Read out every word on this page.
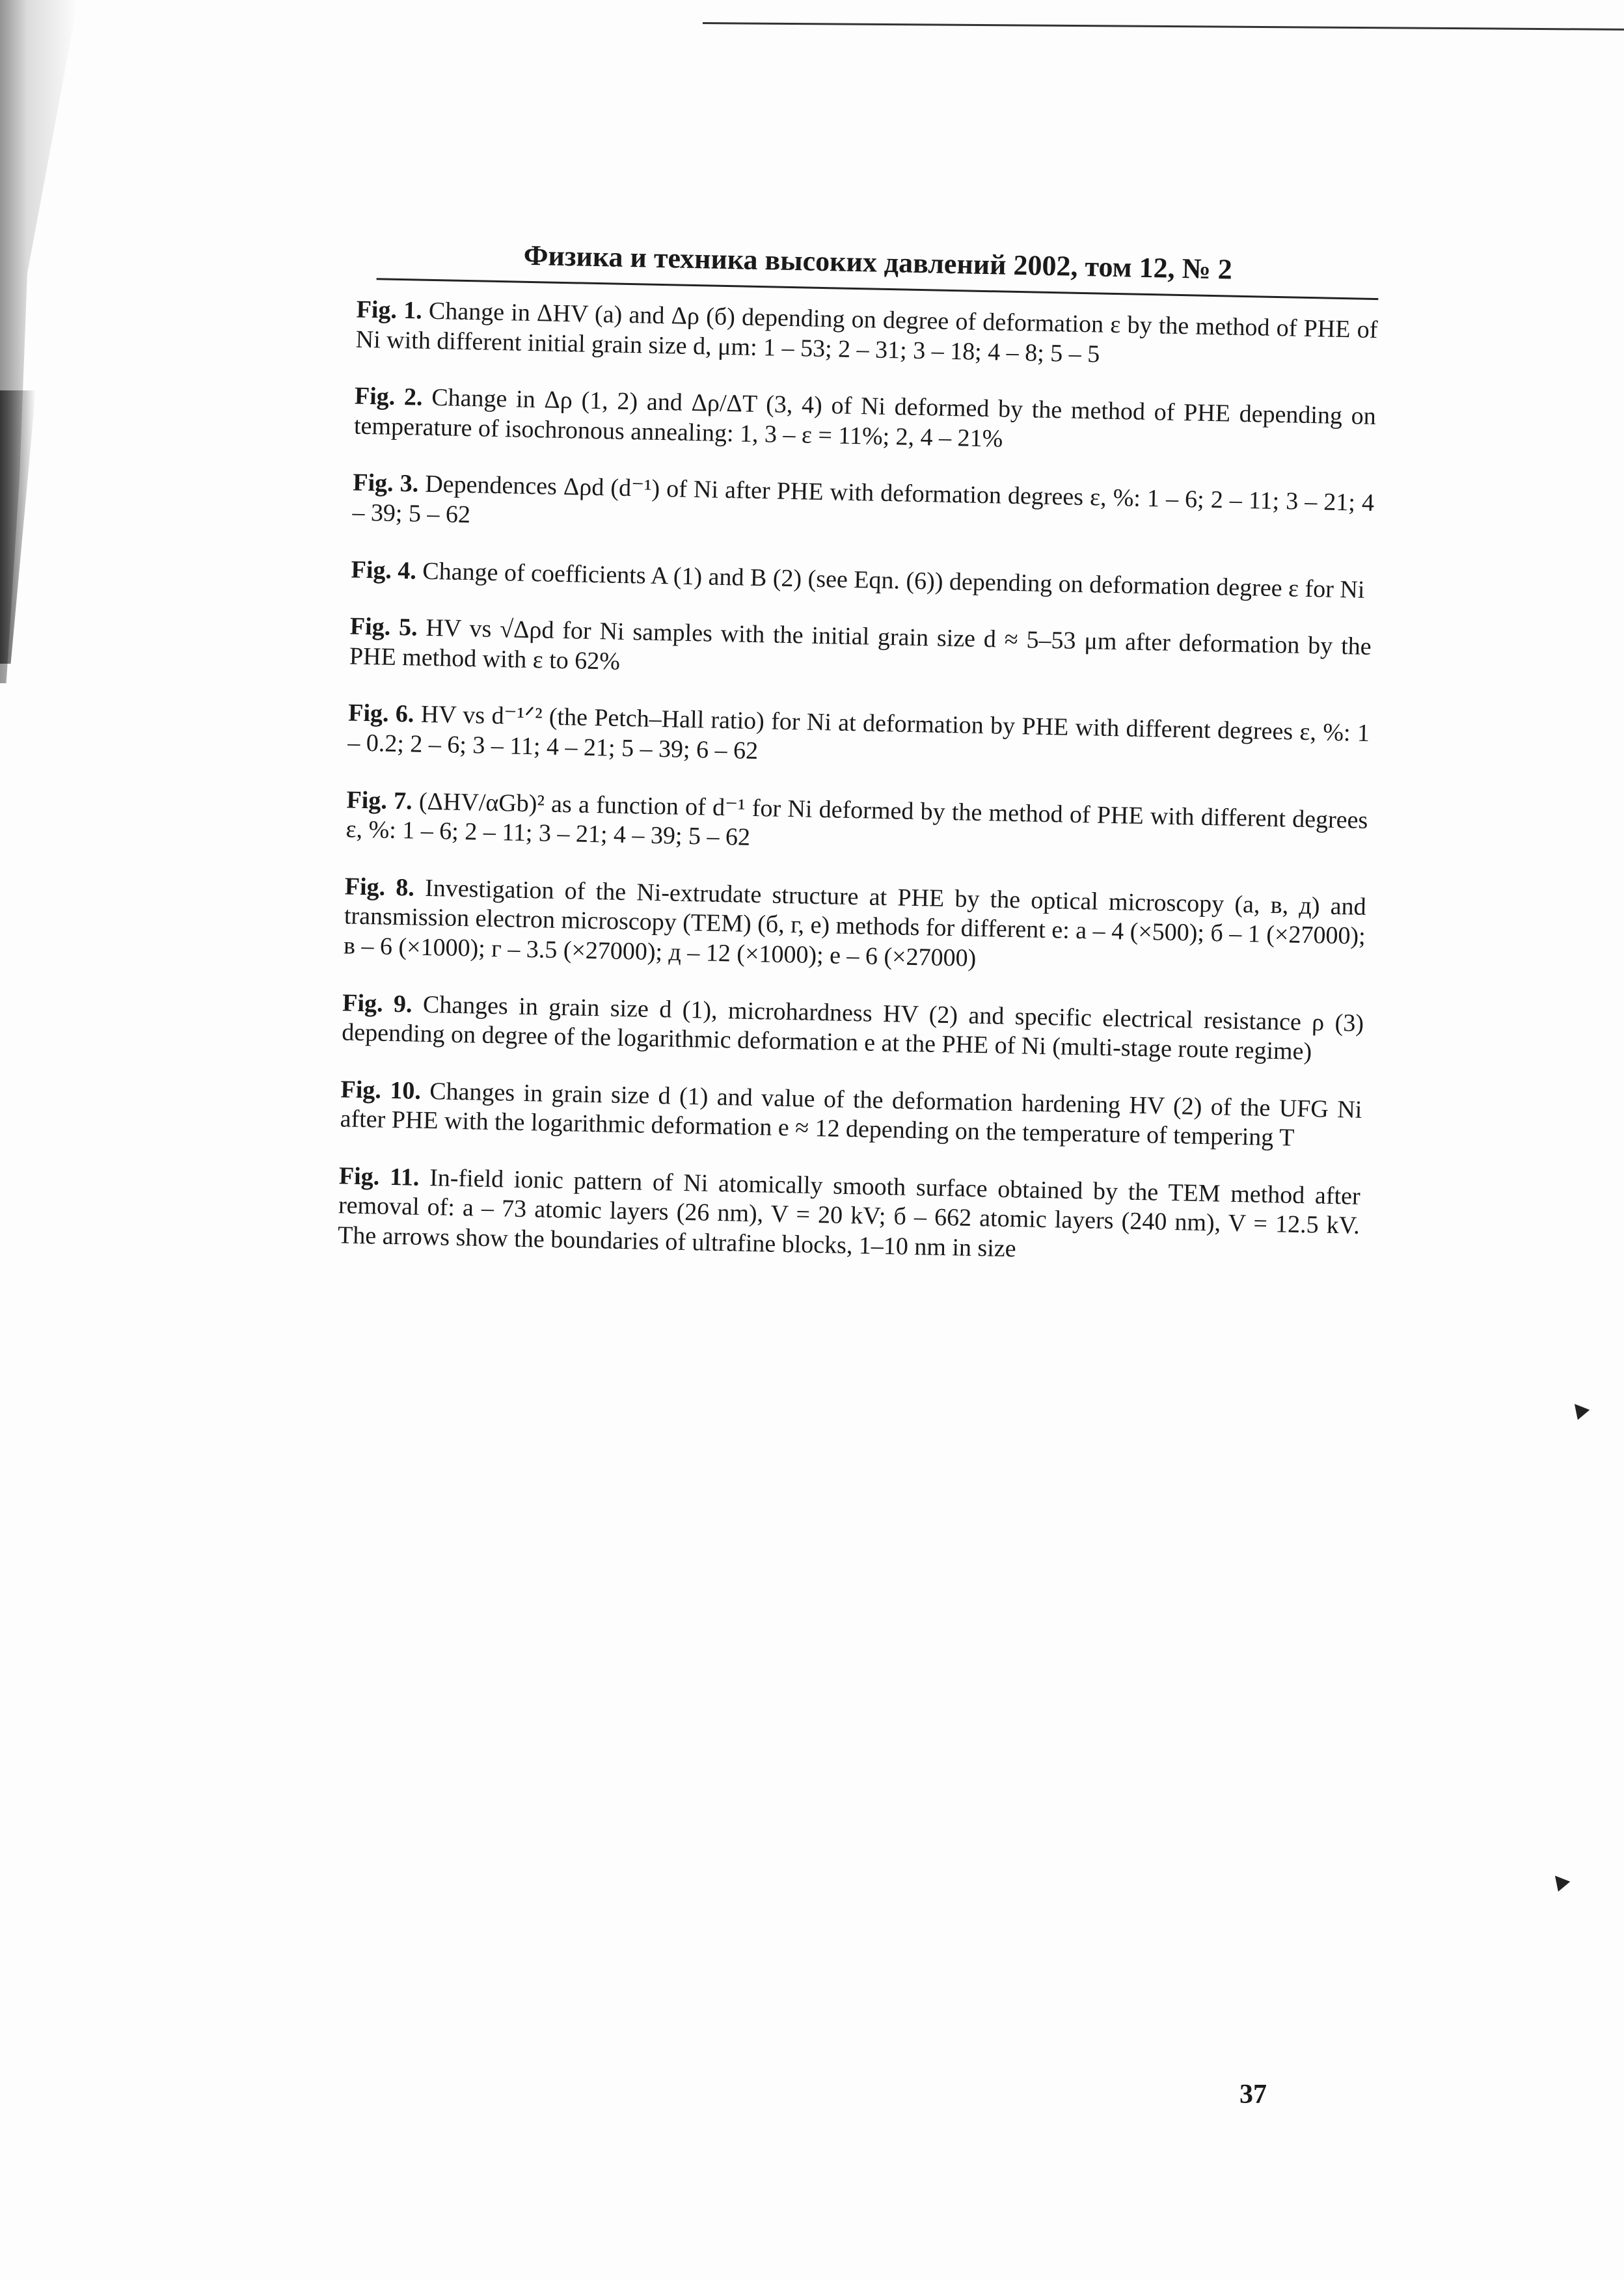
Физика и техника высоких давлений 2002, том 12, № 2

Fig. 1. Change in ΔHV (a) and Δρ (б) depending on degree of deformation ε by the method of PHE of Ni with different initial grain size d, μm: 1 – 53; 2 – 31; 3 – 18; 4 – 8; 5 – 5

Fig. 2. Change in Δρ (1, 2) and Δρ/ΔT (3, 4) of Ni deformed by the method of PHE depending on temperature of isochronous annealing: 1, 3 – ε = 11%; 2, 4 – 21%

Fig. 3. Dependences Δρd (d⁻¹) of Ni after PHE with deformation degrees ε, %: 1 – 6; 2 – 11; 3 – 21; 4 – 39; 5 – 62

Fig. 4. Change of coefficients A (1) and B (2) (see Eqn. (6)) depending on deformation degree ε for Ni

Fig. 5. HV vs √Δρd for Ni samples with the initial grain size d ≈ 5–53 μm after deformation by the PHE method with ε to 62%

Fig. 6. HV vs d⁻¹ᐟ² (the Petch–Hall ratio) for Ni at deformation by PHE with different degrees ε, %: 1 – 0.2; 2 – 6; 3 – 11; 4 – 21; 5 – 39; 6 – 62

Fig. 7. (ΔHV/αGb)² as a function of d⁻¹ for Ni deformed by the method of PHE with different degrees ε, %: 1 – 6; 2 – 11; 3 – 21; 4 – 39; 5 – 62

Fig. 8. Investigation of the Ni-extrudate structure at PHE by the optical microscopy (a, в, д) and transmission electron microscopy (TEM) (б, г, е) methods for different e: a – 4 (×500); б – 1 (×27000); в – 6 (×1000); г – 3.5 (×27000); д – 12 (×1000); е – 6 (×27000)

Fig. 9. Changes in grain size d (1), microhardness HV (2) and specific electrical resistance ρ (3) depending on degree of the logarithmic deformation e at the PHE of Ni (multi-stage route regime)

Fig. 10. Changes in grain size d (1) and value of the deformation hardening HV (2) of the UFG Ni after PHE with the logarithmic deformation e ≈ 12 depending on the temperature of tempering T

Fig. 11. In-field ionic pattern of Ni atomically smooth surface obtained by the TEM method after removal of: a – 73 atomic layers (26 nm), V = 20 kV; б – 662 atomic layers (240 nm), V = 12.5 kV. The arrows show the boundaries of ultrafine blocks, 1–10 nm in size

37
